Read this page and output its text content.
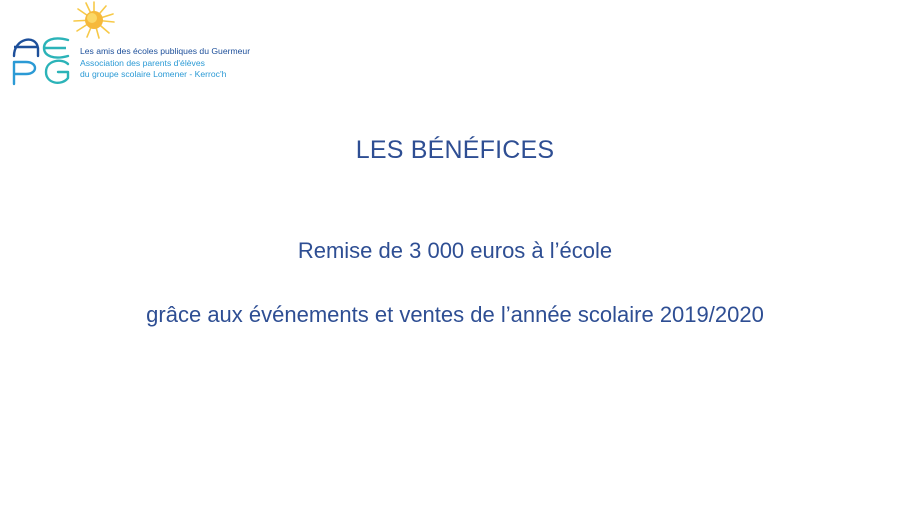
Les amis des écoles publiques du Guermeur
Association des parents d'élèves
du groupe scolaire Lomener - Kerroc'h
LES BÉNÉFICES
Remise de 3 000 euros à l’école
grâce aux événements et ventes de l’année scolaire 2019/2020
